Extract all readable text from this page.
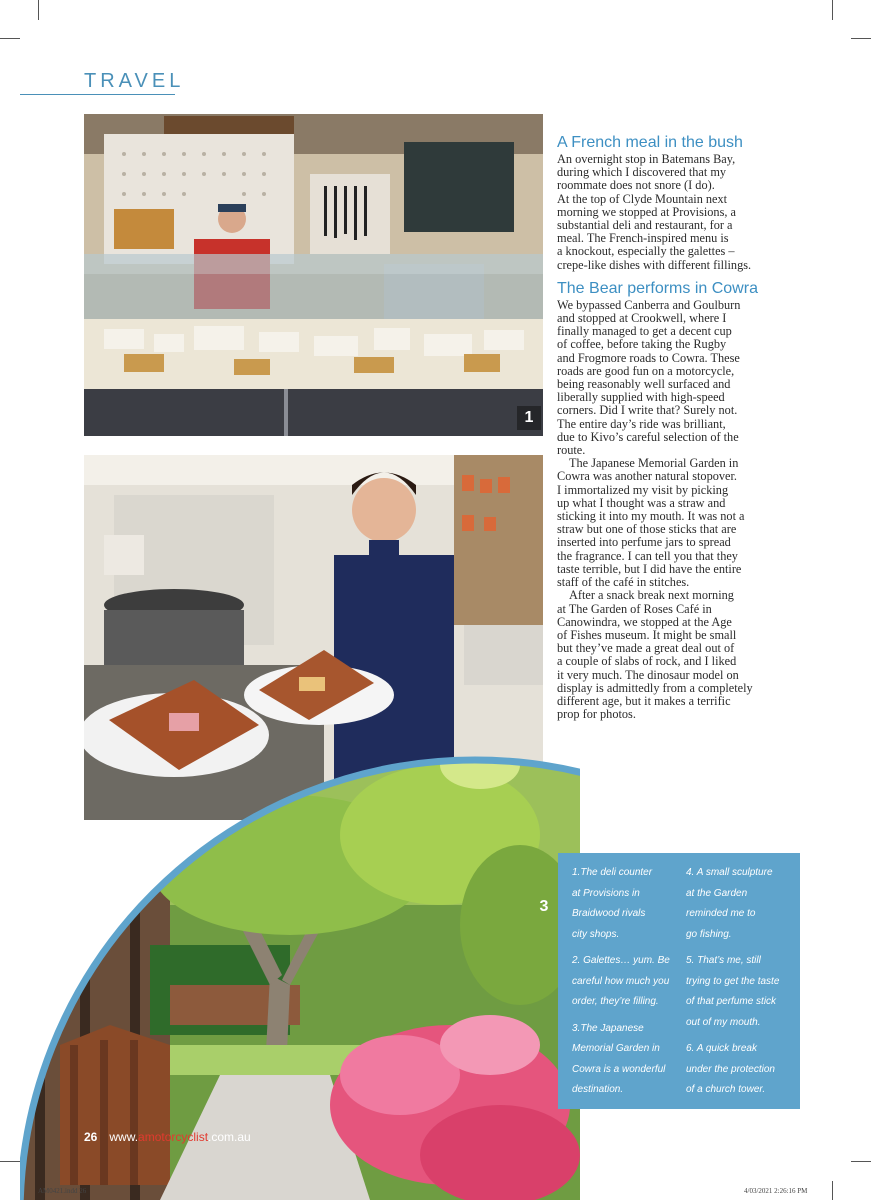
TRAVEL
1
3
A French meal in the bush

An overnight stop in Batemans Bay,
during which I discovered that my
roommate does not snore (I do).
At the top of Clyde Mountain next
morning we stopped at Provisions, a
substantial deli and restaurant, for a
meal. The French-inspired menu is
a knockout, especially the galettes –
crepe-like dishes with different fillings.

The Bear performs in Cowra

We bypassed Canberra and Goulburn
and stopped at Crookwell, where I
finally managed to get a decent cup
of coffee, before taking the Rugby
and Frogmore roads to Cowra. These
roads are good fun on a motorcycle,
being reasonably well surfaced and
liberally supplied with high-speed
corners. Did I write that? Surely not.
The entire day’s ride was brilliant,
due to Kivo’s careful selection of the
route.

The Japanese Memorial Garden in
Cowra was another natural stopover.
I immortalized my visit by picking
up what I thought was a straw and
sticking it into my mouth. It was not a
straw but one of those sticks that are
inserted into perfume jars to spread
the fragrance. I can tell you that they
taste terrible, but I did have the entire
staff of the café in stitches.

After a snack break next morning
at The Garden of Roses Café in
Canowindra, we stopped at the Age
of Fishes museum. It might be small
but they’ve made a great deal out of
a couple of slabs of rock, and I liked
it very much. The dinosaur model on
display is admittedly from a completely
different age, but it makes a terrific
prop for photos.

1.The deli counter
at Provisions in
Braidwood rivals
city shops.
2. Galettes… yum. Be
careful how much you
order, they’re filling.
3.The Japanese
Memorial Garden in
Cowra is a wonderful
destination.
4. A small sculpture
at the Garden
reminded me to
go fishing.
5. That’s me, still
trying to get the taste
of that perfume stick
out of my mouth.
6. A quick break
under the protection
of a church tower.
26 www.amotorcyclist.com.au
AM0421.indd 26	4/03/2021 2:26:16 PM
